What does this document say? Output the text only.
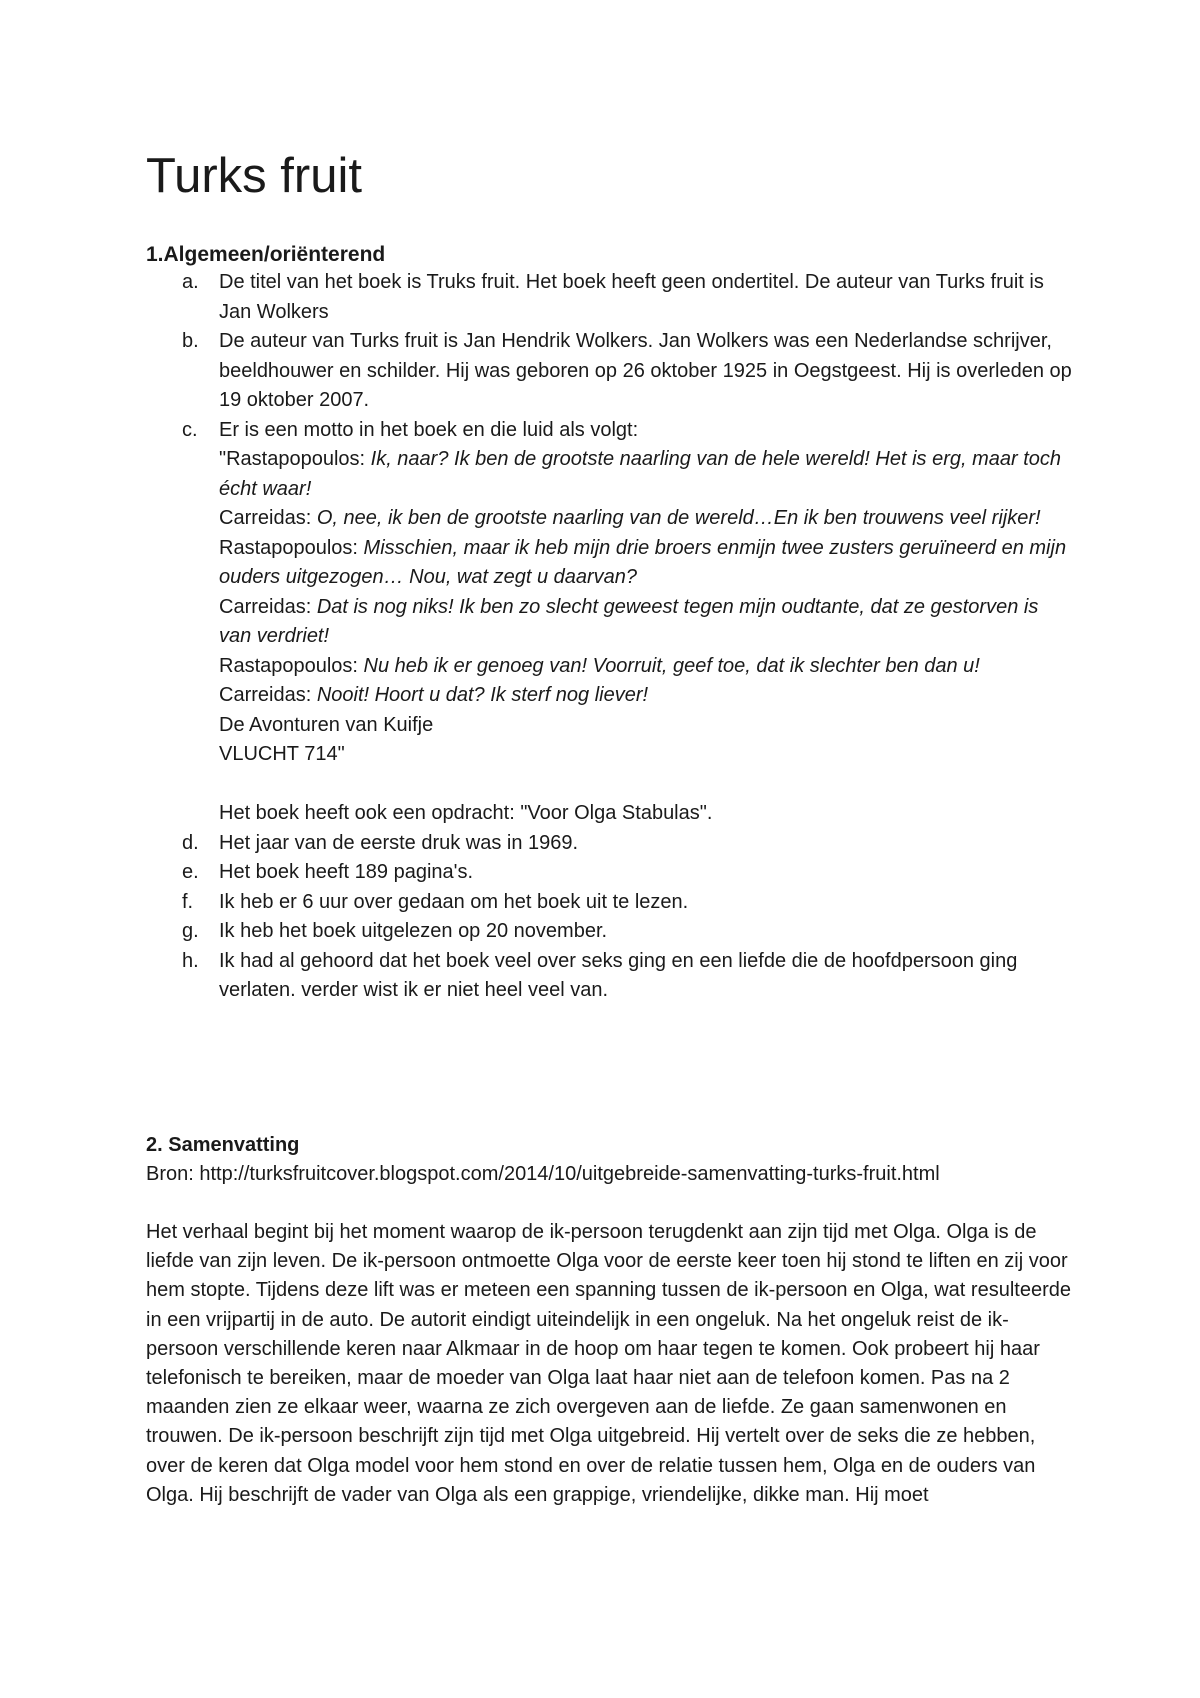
Turks fruit
1.Algemeen/oriënterend
a. De titel van het boek is Truks fruit. Het boek heeft geen ondertitel. De auteur van Turks fruit is Jan Wolkers
b. De auteur van Turks fruit is Jan Hendrik Wolkers. Jan Wolkers was een Nederlandse schrijver, beeldhouwer en schilder. Hij was geboren op 26 oktober 1925 in Oegstgeest. Hij is overleden op 19 oktober 2007.
c. Er is een motto in het boek en die luid als volgt:
"Rastapopoulos: Ik, naar? Ik ben de grootste naarling van de hele wereld! Het is erg, maar toch écht waar!
Carreidas: O, nee, ik ben de grootste naarling van de wereld…En ik ben trouwens veel rijker!
Rastapopoulos: Misschien, maar ik heb mijn drie broers enmijn twee zusters geruïneerd en mijn ouders uitgezogen… Nou, wat zegt u daarvan?
Carreidas: Dat is nog niks! Ik ben zo slecht geweest tegen mijn oudtante, dat ze gestorven is van verdriet!
Rastapopoulos: Nu heb ik er genoeg van! Voorruit, geef toe, dat ik slechter ben dan u!
Carreidas: Nooit! Hoort u dat? Ik sterf nog liever!
De Avonturen van Kuifje
VLUCHT 714"
Het boek heeft ook een opdracht: "Voor Olga Stabulas".
d. Het jaar van de eerste druk was in 1969.
e. Het boek heeft 189 pagina's.
f. Ik heb er 6 uur over gedaan om het boek uit te lezen.
g. Ik heb het boek uitgelezen op 20 november.
h. Ik had al gehoord dat het boek veel over seks ging en een liefde die de hoofdpersoon ging verlaten. verder wist ik er niet heel veel van.
2. Samenvatting

Bron: http://turksfruitcover.blogspot.com/2014/10/uitgebreide-samenvatting-turks-fruit.html

Het verhaal begint bij het moment waarop de ik-persoon terugdenkt aan zijn tijd met Olga. Olga is de liefde van zijn leven. De ik-persoon ontmoette Olga voor de eerste keer toen hij stond te liften en zij voor hem stopte. Tijdens deze lift was er meteen een spanning tussen de ik-persoon en Olga, wat resulteerde in een vrijpartij in de auto. De autorit eindigt uiteindelijk in een ongeluk. Na het ongeluk reist de ik-persoon verschillende keren naar Alkmaar in de hoop om haar tegen te komen. Ook probeert hij haar telefonisch te bereiken, maar de moeder van Olga laat haar niet aan de telefoon komen. Pas na 2 maanden zien ze elkaar weer, waarna ze zich overgeven aan de liefde. Ze gaan samenwonen en trouwen. De ik-persoon beschrijft zijn tijd met Olga uitgebreid. Hij vertelt over de seks die ze hebben, over de keren dat Olga model voor hem stond en over de relatie tussen hem, Olga en de ouders van Olga. Hij beschrijft de vader van Olga als een grappige, vriendelijke, dikke man. Hij moet
